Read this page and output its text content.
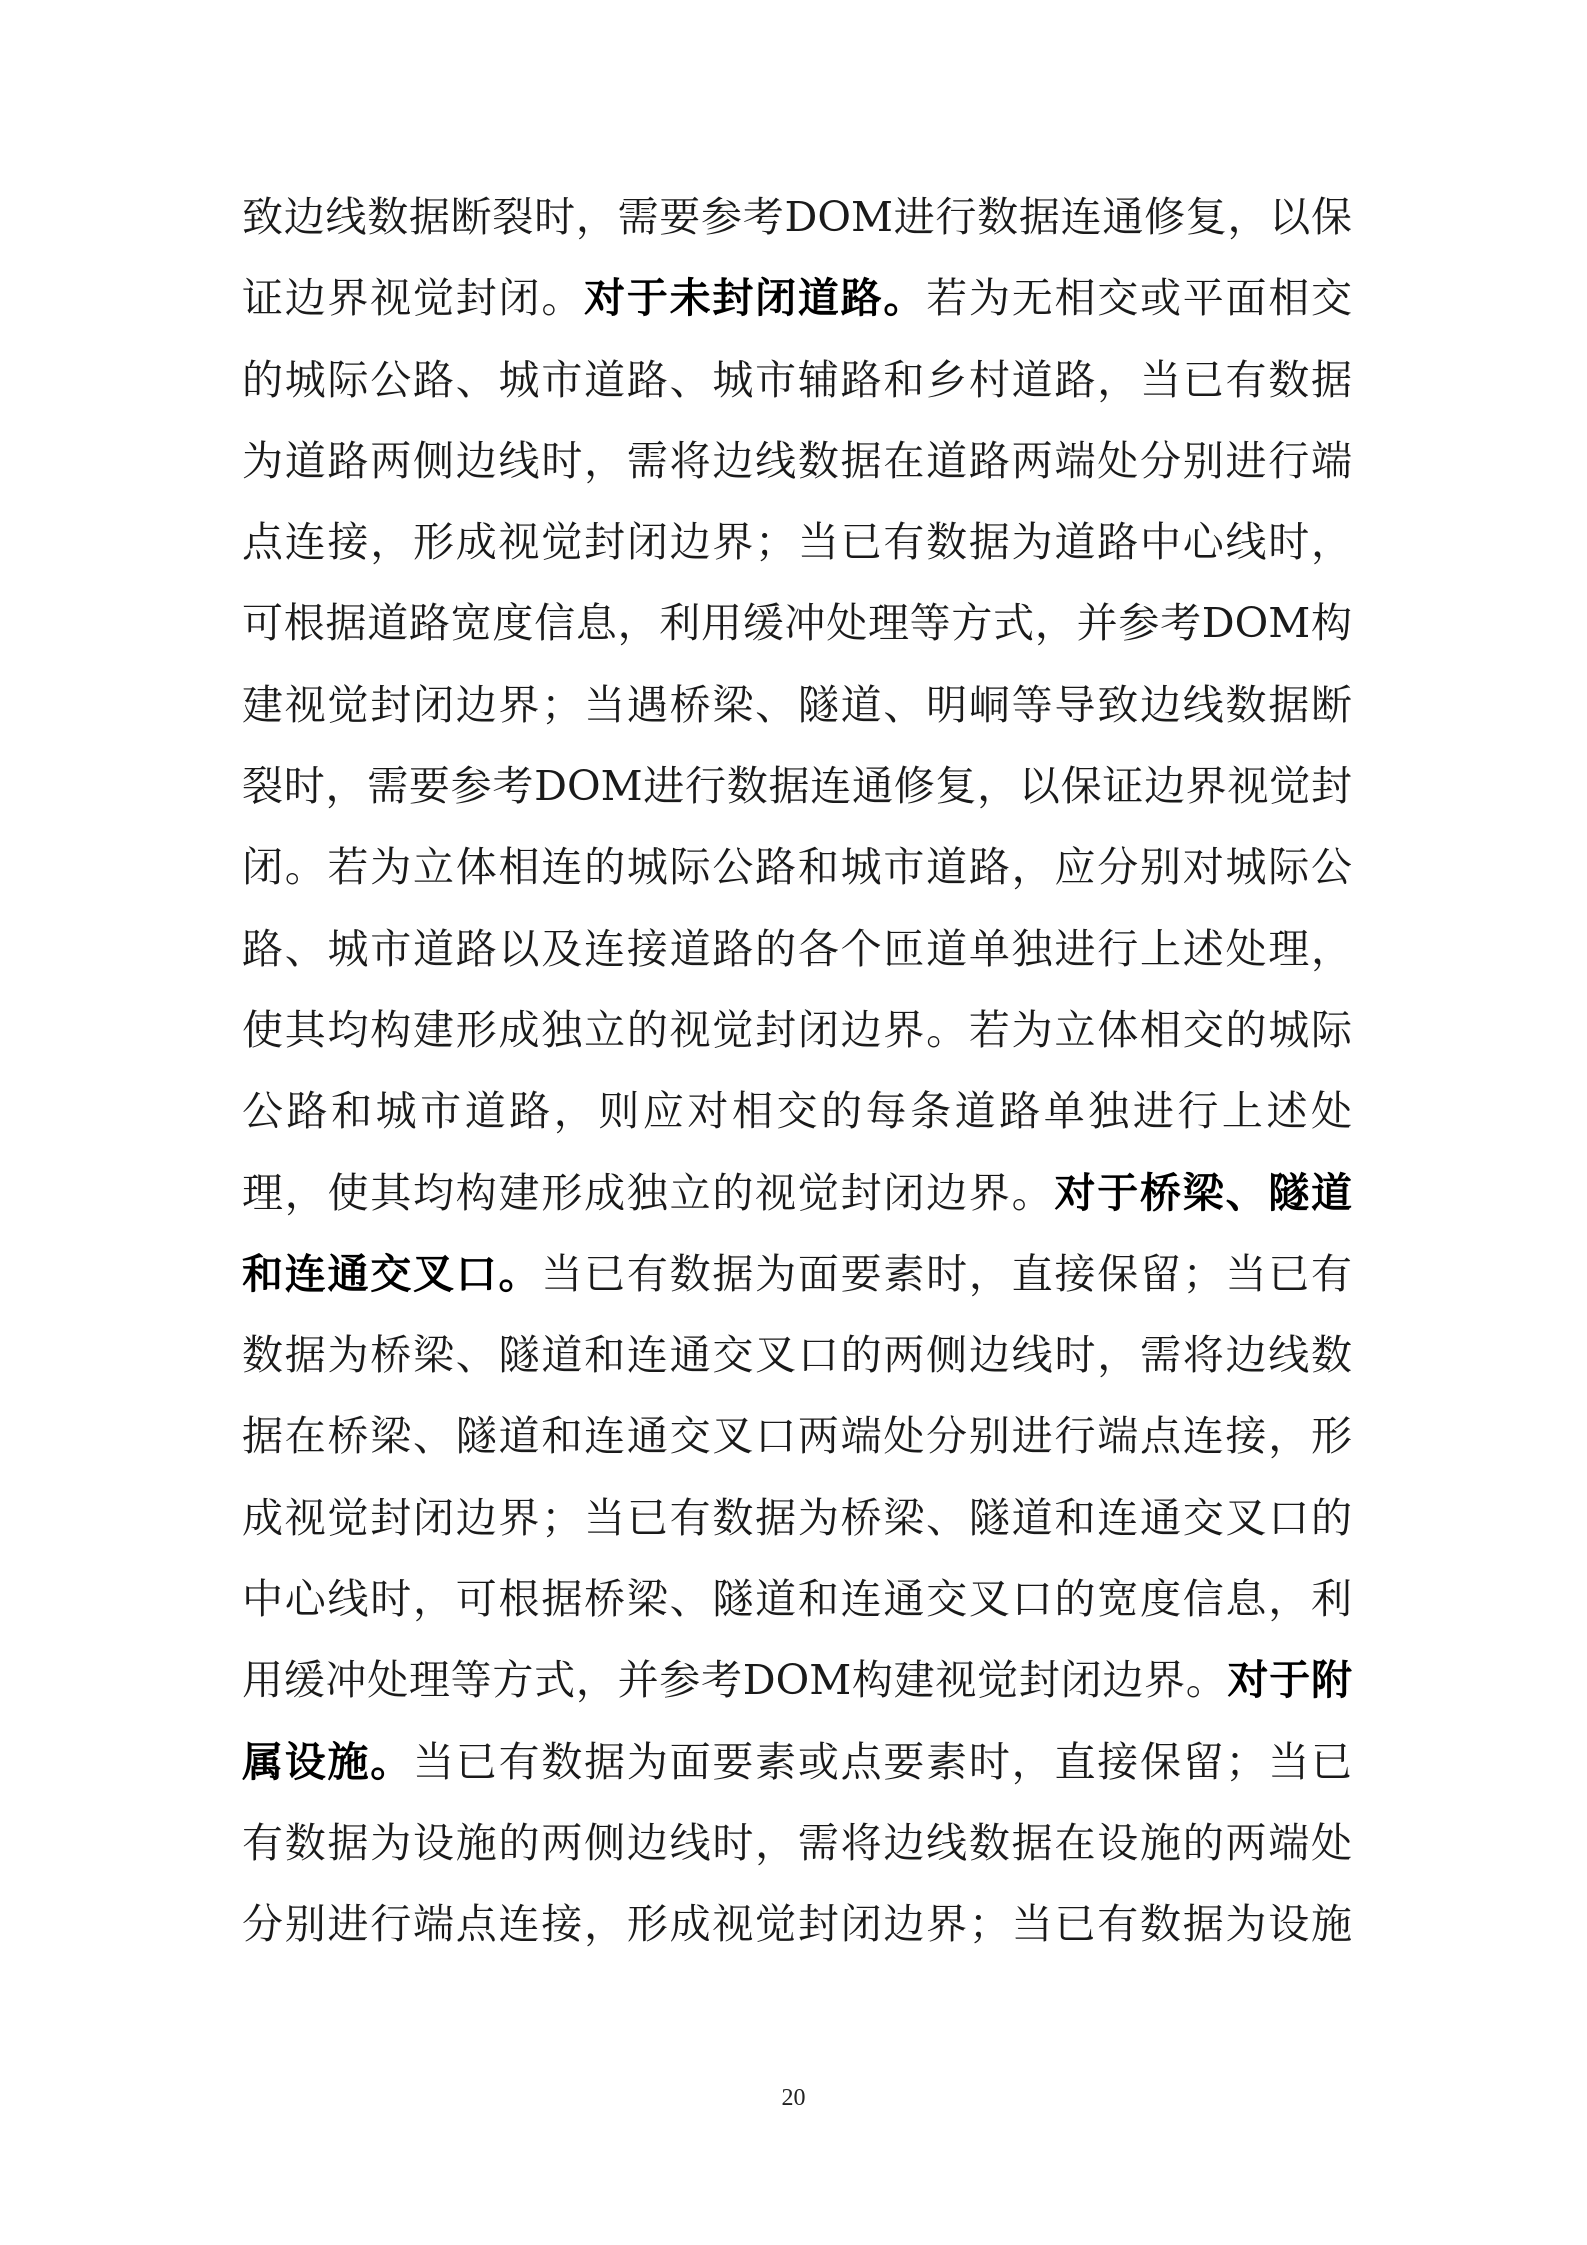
致边线数据断裂时，需要参考DOM进行数据连通修复，以保
证边界视觉封闭。对于未封闭道路。若为无相交或平面相交
的城际公路、城市道路、城市辅路和乡村道路，当已有数据
为道路两侧边线时，需将边线数据在道路两端处分别进行端
点连接，形成视觉封闭边界；当已有数据为道路中心线时，
可根据道路宽度信息，利用缓冲处理等方式，并参考DOM构
建视觉封闭边界；当遇桥梁、隧道、明峒等导致边线数据断
裂时，需要参考DOM进行数据连通修复，以保证边界视觉封
闭。若为立体相连的城际公路和城市道路，应分别对城际公
路、城市道路以及连接道路的各个匝道单独进行上述处理，
使其均构建形成独立的视觉封闭边界。若为立体相交的城际
公路和城市道路，则应对相交的每条道路单独进行上述处
理，使其均构建形成独立的视觉封闭边界。对于桥梁、隧道
和连通交叉口。当已有数据为面要素时，直接保留；当已有
数据为桥梁、隧道和连通交叉口的两侧边线时，需将边线数
据在桥梁、隧道和连通交叉口两端处分别进行端点连接，形
成视觉封闭边界；当已有数据为桥梁、隧道和连通交叉口的
中心线时，可根据桥梁、隧道和连通交叉口的宽度信息，利
用缓冲处理等方式，并参考DOM构建视觉封闭边界。对于附
属设施。当已有数据为面要素或点要素时，直接保留；当已
有数据为设施的两侧边线时，需将边线数据在设施的两端处
分别进行端点连接，形成视觉封闭边界；当已有数据为设施
20
